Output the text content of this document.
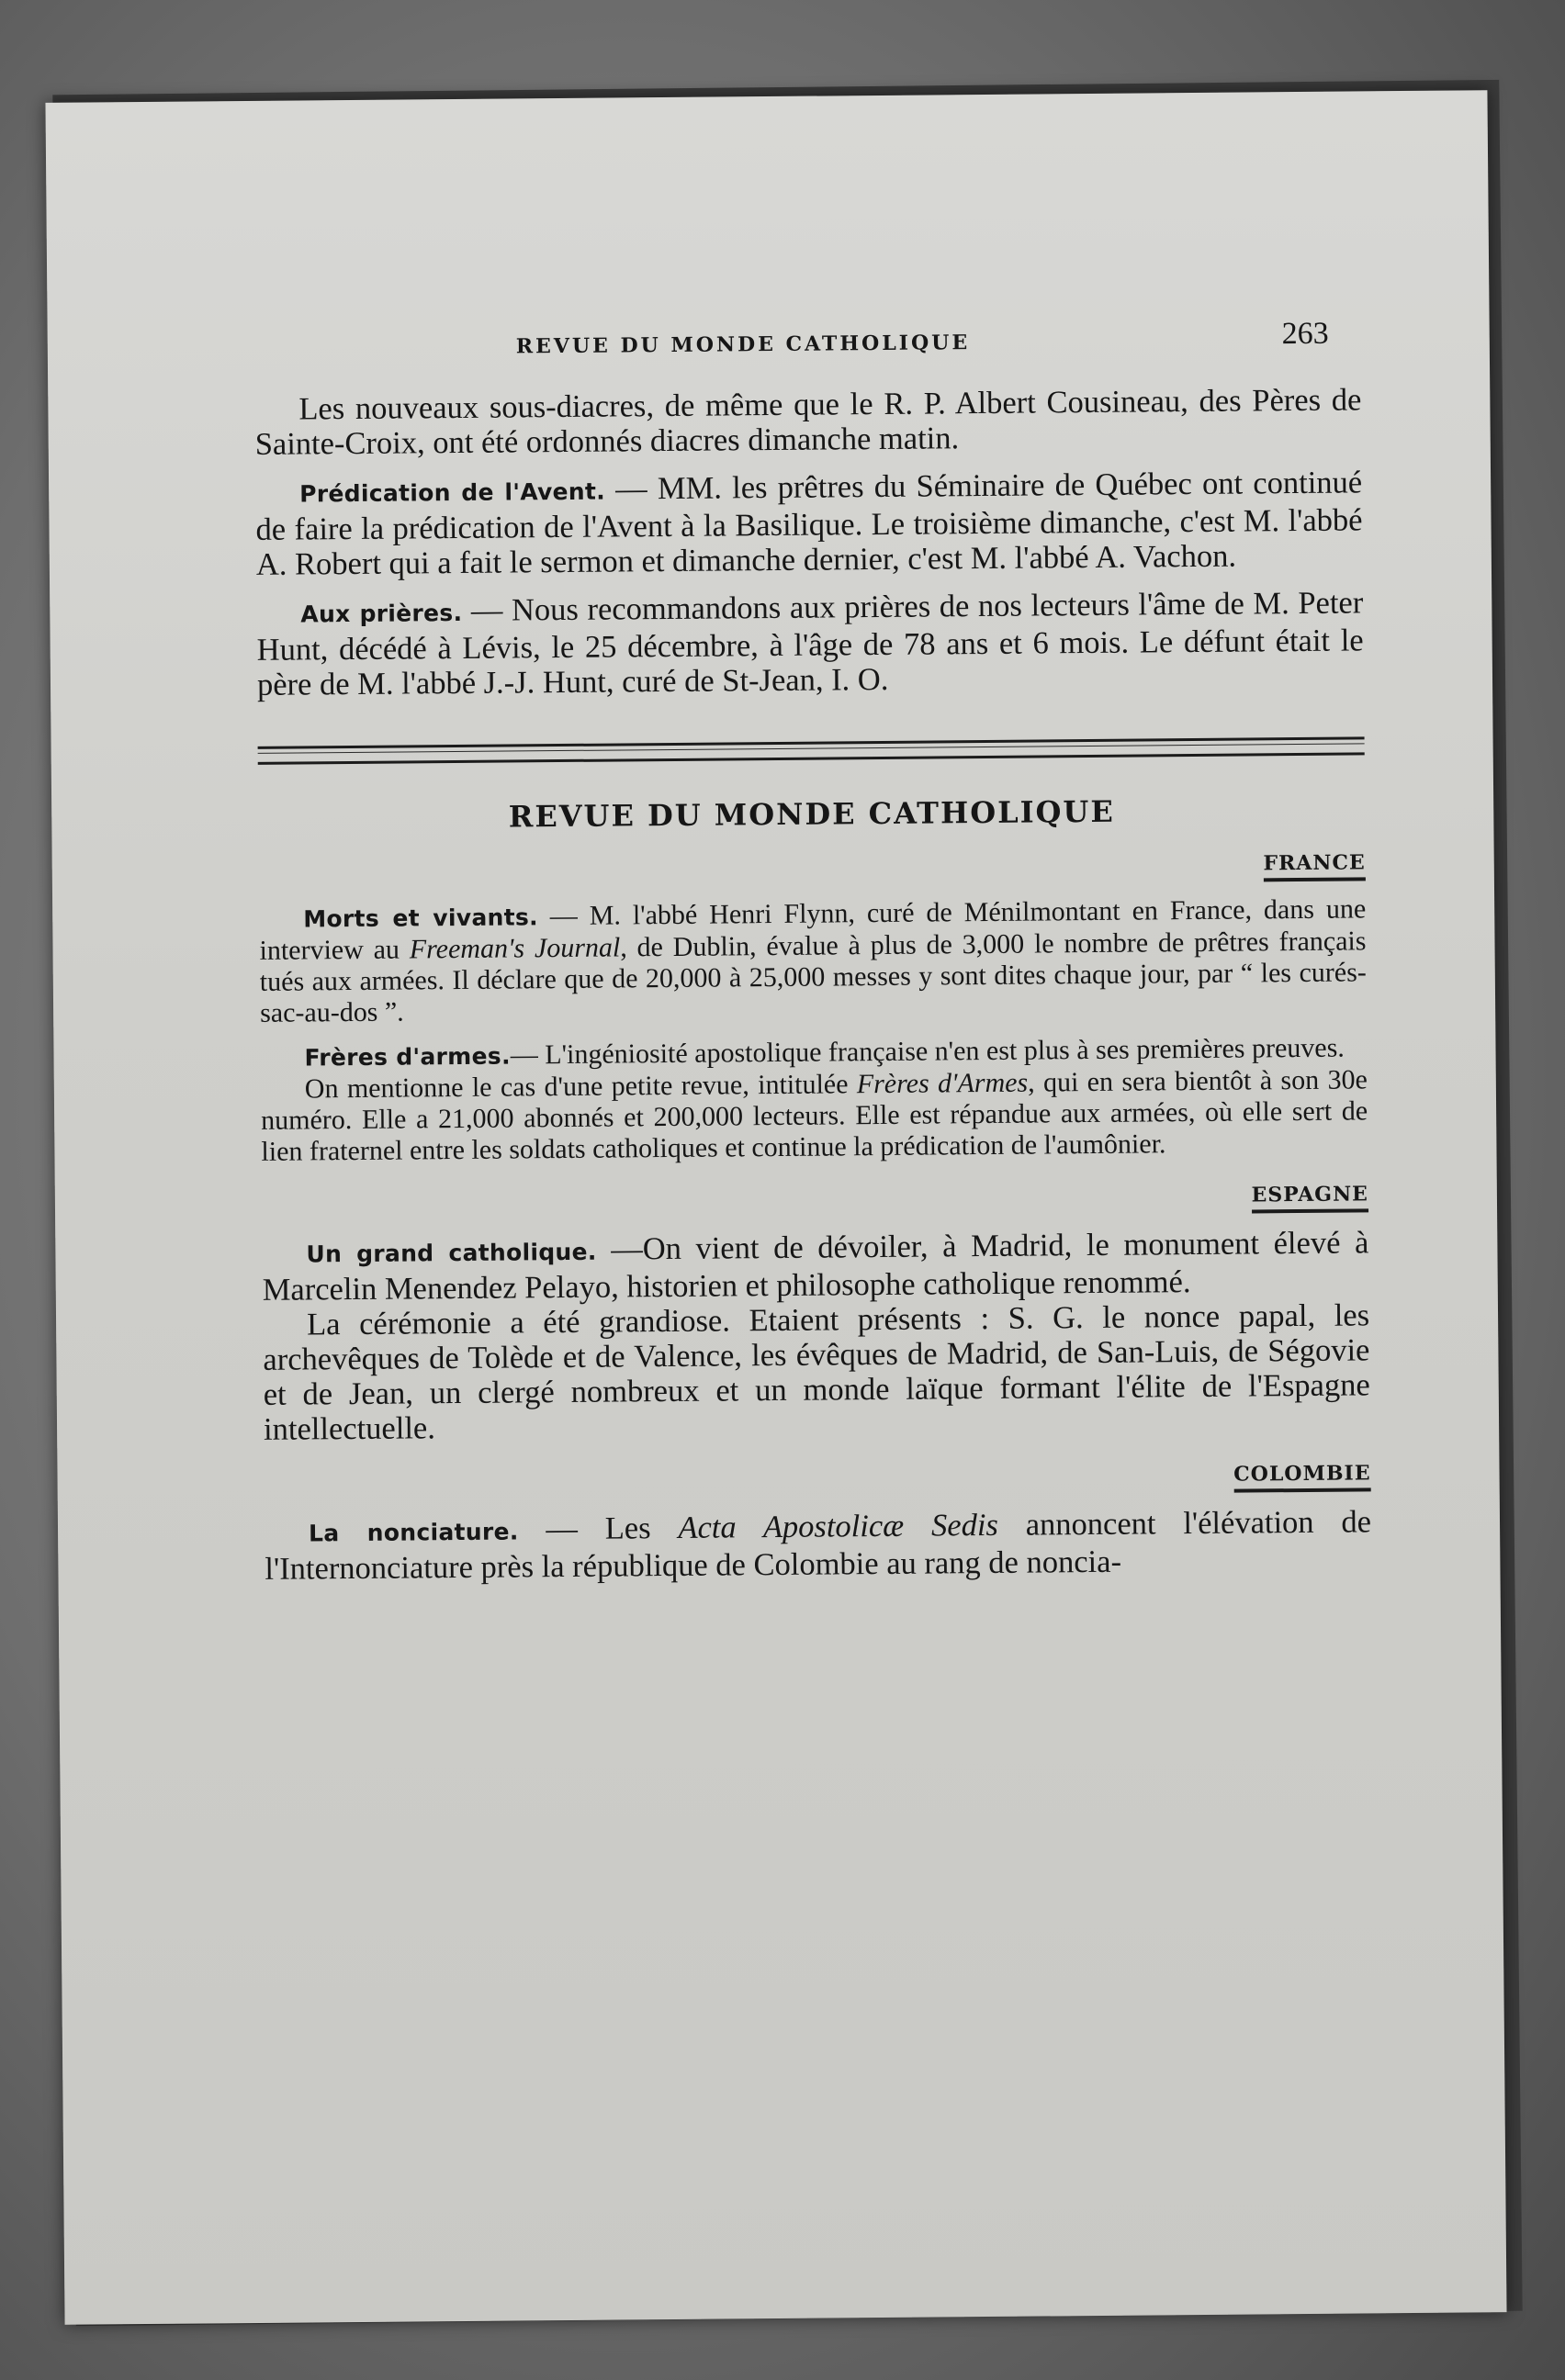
REVUE DU MONDE CATHOLIQUE	263

Les nouveaux sous-diacres, de même que le R. P. Albert Cousineau, des Pères de Sainte-Croix, ont été ordonnés diacres dimanche matin.

Prédication de l'Avent. — MM. les prêtres du Séminaire de Québec ont continué de faire la prédication de l'Avent à la Basilique. Le troisième dimanche, c'est M. l'abbé A. Robert qui a fait le sermon et dimanche dernier, c'est M. l'abbé A. Vachon.

Aux prières. — Nous recommandons aux prières de nos lecteurs l'âme de M. Peter Hunt, décédé à Lévis, le 25 décembre, à l'âge de 78 ans et 6 mois. Le défunt était le père de M. l'abbé J.-J. Hunt, curé de St-Jean, I. O.

REVUE DU MONDE CATHOLIQUE
FRANCE

Morts et vivants. — M. l'abbé Henri Flynn, curé de Ménilmontant en France, dans une interview au Freeman's Journal, de Dublin, évalue à plus de 3,000 le nombre de prêtres français tués aux armées. Il déclare que de 20,000 à 25,000 messes y sont dites chaque jour, par “ les curés-sac-au-dos ”.

Frères d'armes.— L'ingéniosité apostolique française n'en est plus à ses premières preuves.

On mentionne le cas d'une petite revue, intitulée Frères d'Armes, qui en sera bientôt à son 30e numéro. Elle a 21,000 abonnés et 200,000 lecteurs. Elle est répandue aux armées, où elle sert de lien fraternel entre les soldats catholiques et continue la prédication de l'aumônier.

ESPAGNE

Un grand catholique. —On vient de dévoiler, à Madrid, le monument élevé à Marcelin Menendez Pelayo, historien et philosophe catholique renommé.

La cérémonie a été grandiose. Etaient présents : S. G. le nonce papal, les archevêques de Tolède et de Valence, les évêques de Madrid, de San-Luis, de Ségovie et de Jean, un clergé nombreux et un monde laïque formant l'élite de l'Espagne intellectuelle.

COLOMBIE

La nonciature. — Les Acta Apostolicæ Sedis annoncent l'élévation de l'Internonciature près la république de Colombie au rang de noncia-
